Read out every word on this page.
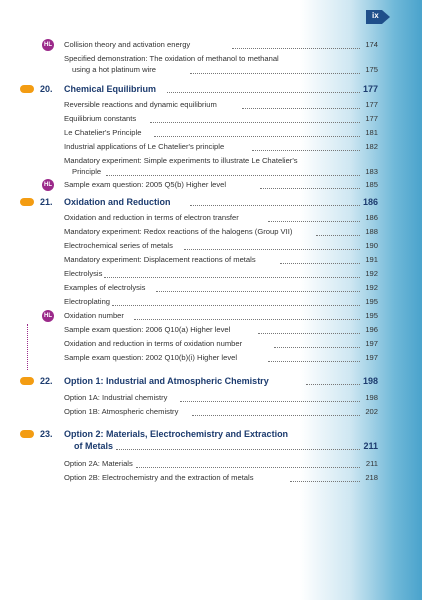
ix
HL Collision theory and activation energy	174
Specified demonstration: The oxidation of methanol to methanal
using a hot platinum wire	175
20. Chemical Equilibrium	177
Reversible reactions and dynamic equilibrium	177
Equilibrium constants	177
Le Chatelier's Principle	181
Industrial applications of Le Chatelier's principle	182
Mandatory experiment: Simple experiments to illustrate Le Chatelier's
Principle	183
HL Sample exam question: 2005 Q5(b) Higher level	185
21. Oxidation and Reduction	186
Oxidation and reduction in terms of electron transfer	186
Mandatory experiment: Redox reactions of the halogens (Group VII)	188
Electrochemical series of metals	190
Mandatory experiment: Displacement reactions of metals	191
Electrolysis	192
Examples of electrolysis	192
Electroplating	195
HL Oxidation number	195
Sample exam question: 2006 Q10(a) Higher level	196
Oxidation and reduction in terms of oxidation number	197
Sample exam question: 2002 Q10(b)(i) Higher level	197
22. Option 1: Industrial and Atmospheric Chemistry	198
Option 1A: Industrial chemistry	198
Option 1B: Atmospheric chemistry	202
23. Option 2: Materials, Electrochemistry and Extraction
of Metals	211
Option 2A: Materials	211
Option 2B: Electrochemistry and the extraction of metals	218
